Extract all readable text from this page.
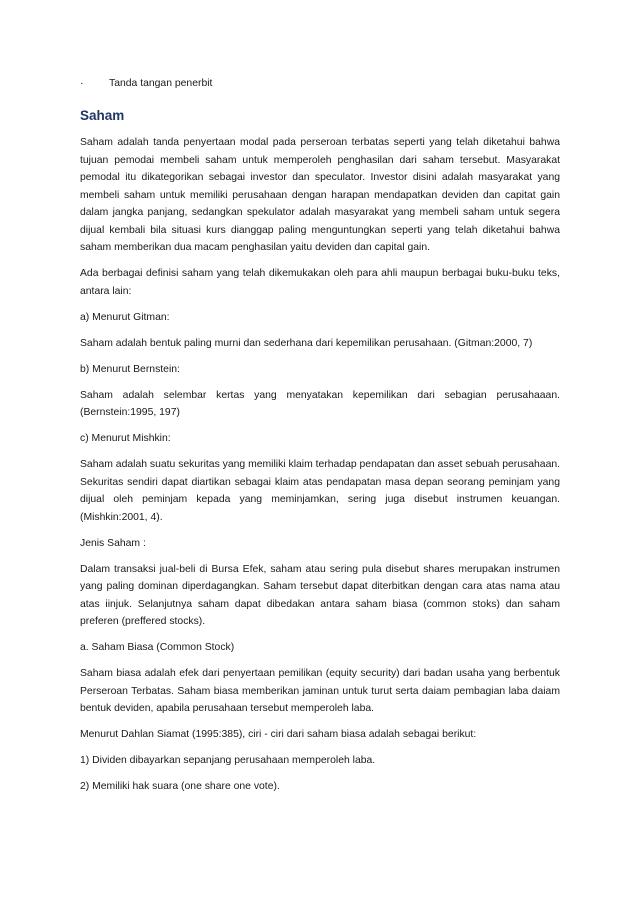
· Tanda tangan penerbit
Saham

Saham adalah tanda penyertaan modal pada perseroan terbatas seperti yang telah diketahui bahwa tujuan pemodai membeli saham untuk memperoleh penghasilan dari saham tersebut. Masyarakat pemodal itu dikategorikan sebagai investor dan speculator. Investor disini adalah masyarakat yang membeli saham untuk memiliki perusahaan dengan harapan mendapatkan deviden dan capitat gain dalam jangka panjang, sedangkan spekulator adalah masyarakat yang membeli saham untuk segera dijual kembali bila situasi kurs dianggap paling menguntungkan seperti yang telah diketahui bahwa saham memberikan dua macam penghasilan yaitu deviden dan capital gain.

Ada berbagai definisi saham yang telah dikemukakan oleh para ahli maupun berbagai buku-buku teks, antara lain:

a) Menurut Gitman:

Saham adalah bentuk paling murni dan sederhana dari kepemilikan perusahaan. (Gitman:2000, 7)

b) Menurut Bernstein:

Saham adalah selembar kertas yang menyatakan kepemilikan dari sebagian perusahaaan. (Bernstein:1995, 197)

c) Menurut Mishkin:

Saham adalah suatu sekuritas yang memiliki klaim terhadap pendapatan dan asset sebuah perusahaan. Sekuritas sendiri dapat diartikan sebagai klaim atas pendapatan masa depan seorang peminjam yang dijual oleh peminjam kepada yang meminjamkan, sering juga disebut instrumen keuangan. (Mishkin:2001, 4).

Jenis Saham :

Dalam transaksi jual-beli di Bursa Efek, saham atau sering pula disebut shares merupakan instrumen yang paling dominan diperdagangkan. Saham tersebut dapat diterbitkan dengan cara atas nama atau atas iinjuk. Selanjutnya saham dapat dibedakan antara saham biasa (common stoks) dan saham preferen (preffered stocks).

a. Saham Biasa (Common Stock)

Saham biasa adalah efek dari penyertaan pemilikan (equity security) dari badan usaha yang berbentuk Perseroan Terbatas. Saham biasa memberikan jaminan untuk turut serta daiam pembagian laba daiam bentuk deviden, apabila perusahaan tersebut memperoleh laba.

Menurut Dahlan Siamat (1995:385), ciri - ciri dari saham biasa adalah sebagai berikut:

1) Dividen dibayarkan sepanjang perusahaan memperoleh laba.

2) Memiliki hak suara (one share one vote).
